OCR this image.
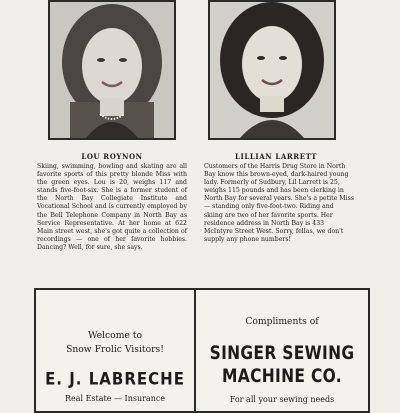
LOU ROYNON	LILLIAN LARRETT

Skiing, swimming, bowling and skating are all favorite sports of this pretty blonde Miss with the green eyes. Lou is 20, weighs 117 and stands five-foot-six. She is a former student of the North Bay Collegiate Institute and Vocational School and is currently employed by the Bell Telephone Company in North Bay as Service Representative. At her home at 622 Main street west, she's got quite a collection of recordings — one of her favorite hobbies. Dancing? Well, for sure, she says.

Customers of the Harris Drug Store in North Bay know this brown-eyed, dark-haired young lady. Formerly of Sudbury, Lil Larrett is 25, weighs 115 pounds and has been clerking in North Bay for several years. She's a petite Miss — standing only five-foot-two. Riding and skiing are two of her favorite sports. Her residence address in North Bay is 433 McIntyre Street West. Sorry, fellas, we don't supply any phone numbers!

Welcome to

Snow Frolic Visitors!

E. J. LABRECHE

Real Estate — Insurance

Compliments of

SINGER SEWING

MACHINE CO.

For all your sewing needs
